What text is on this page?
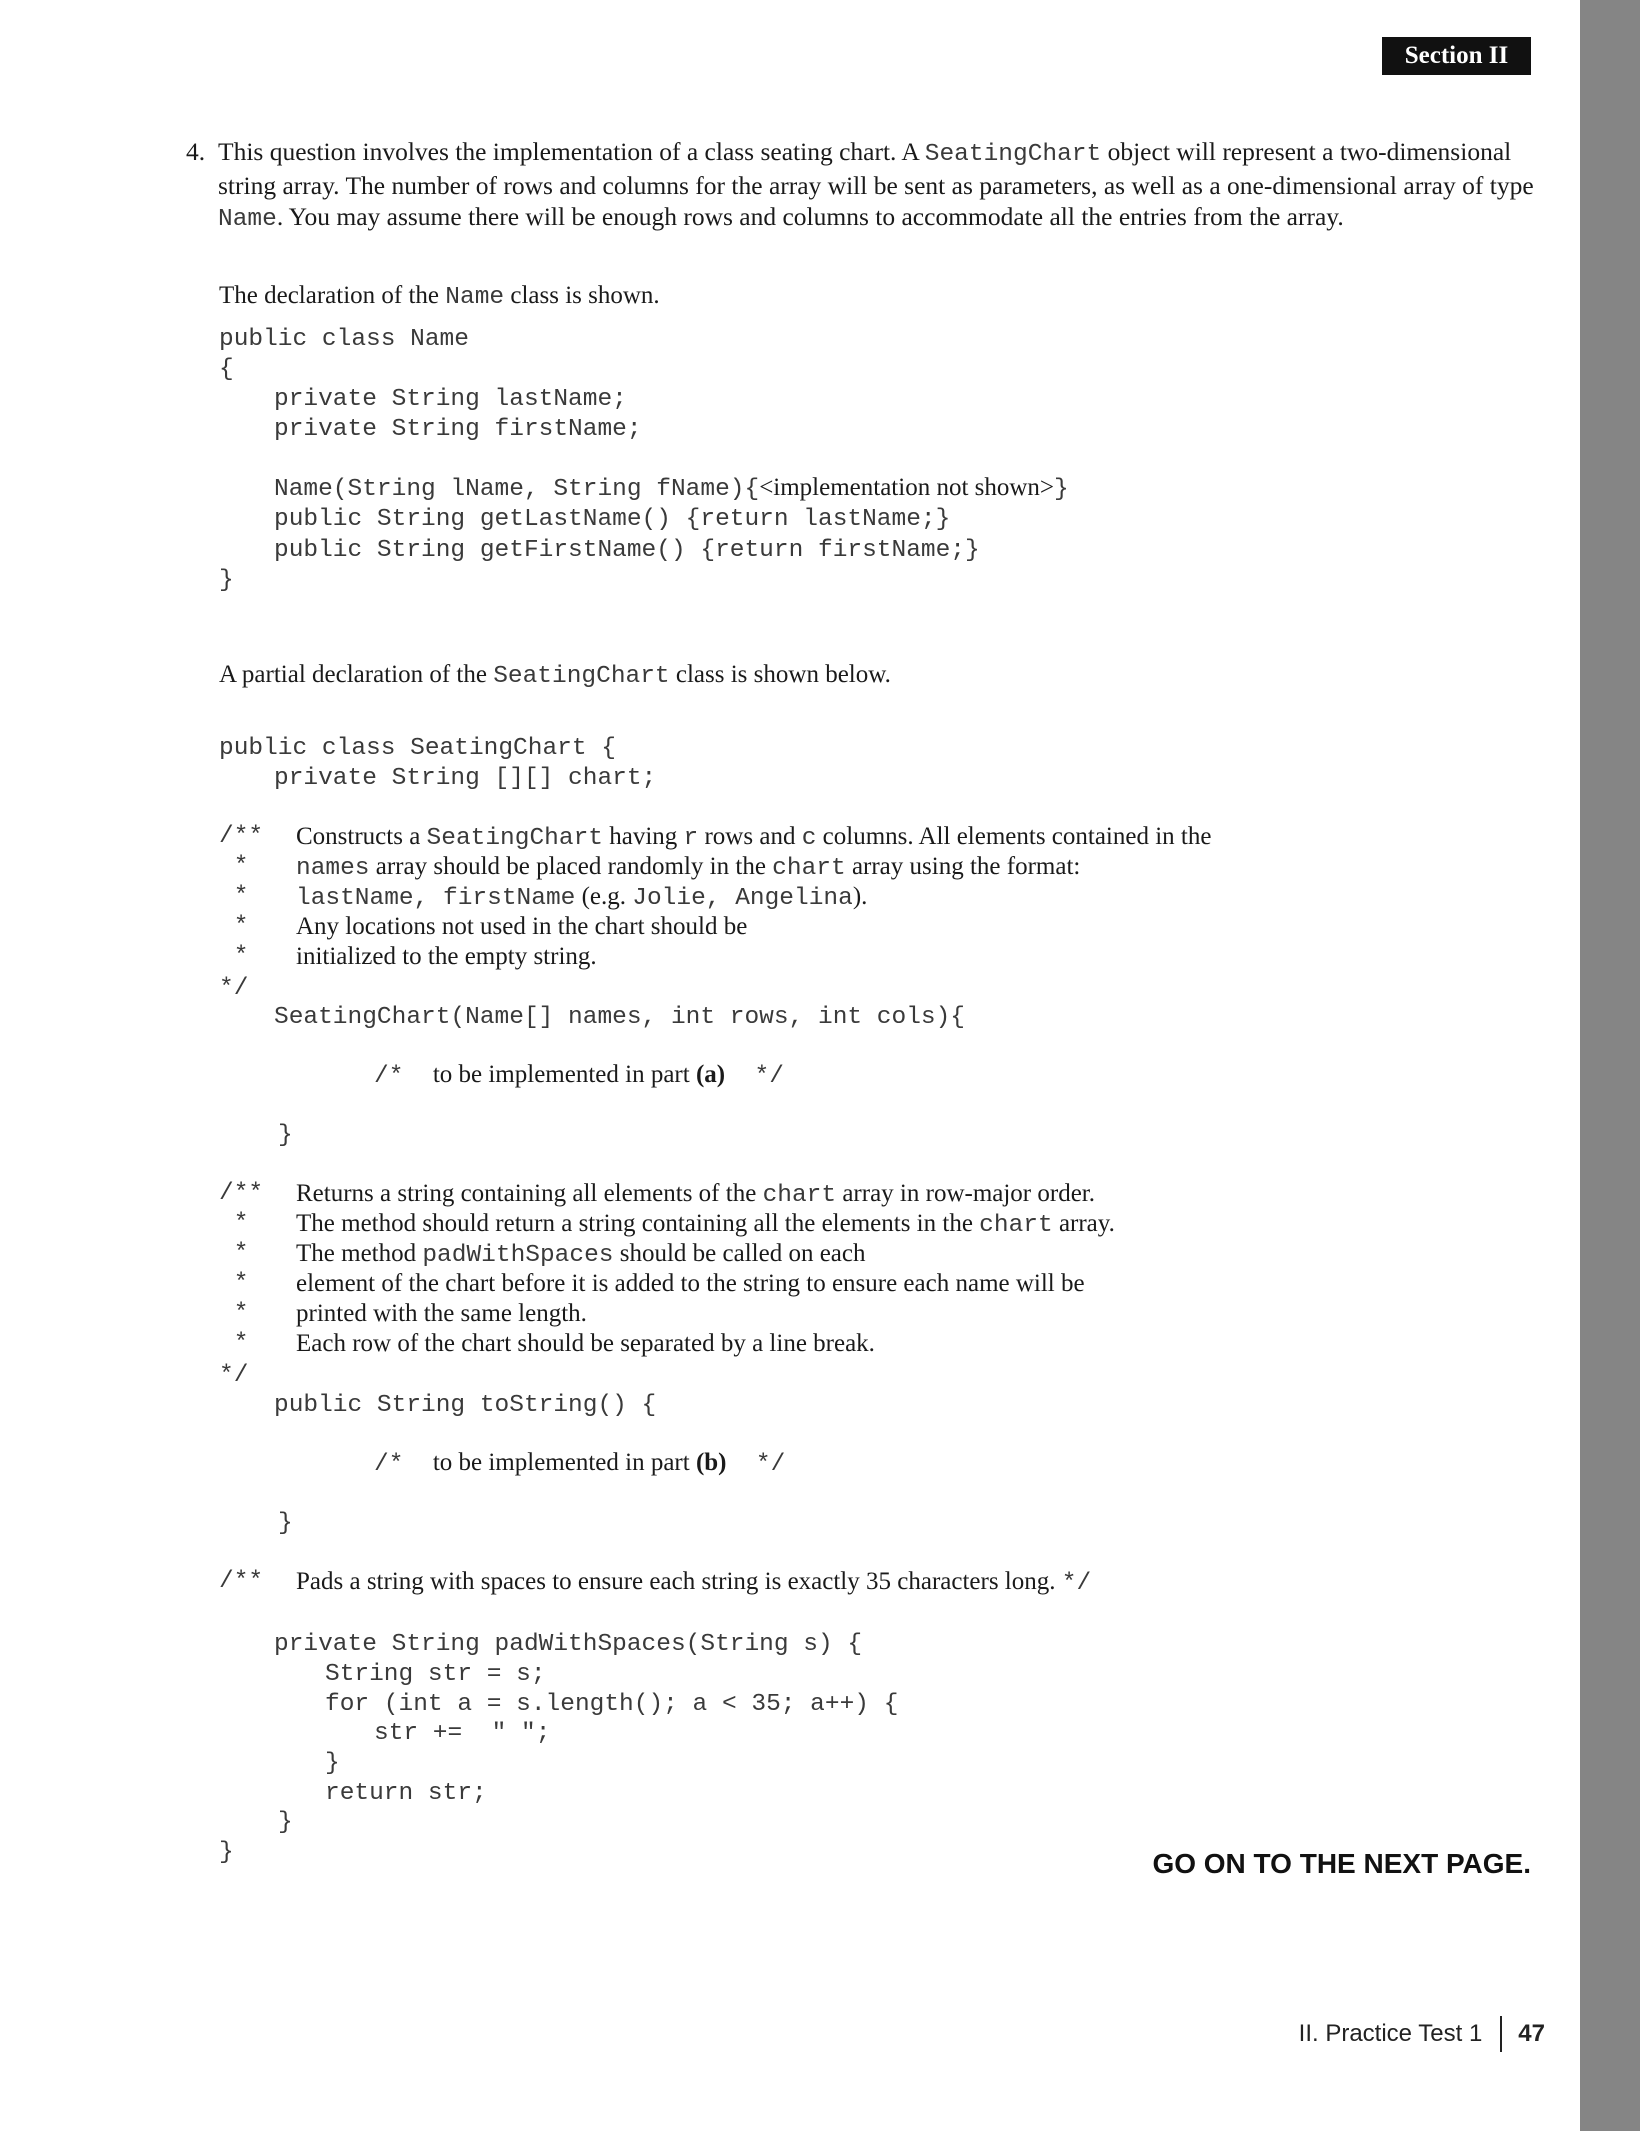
Section II
4. This question involves the implementation of a class seating chart. A SeatingChart object will represent a two-dimensional string array. The number of rows and columns for the array will be sent as parameters, as well as a one-dimensional array of type Name. You may assume there will be enough rows and columns to accommodate all the entries from the array.
The declaration of the Name class is shown.
public class Name
{
private String lastName;
private String firstName;
Name(String lName, String fName){<implementation not shown>}
public String getLastName() {return lastName;}
public String getFirstName() {return firstName;}
}
A partial declaration of the SeatingChart class is shown below.
public class SeatingChart {
private String [][] chart;
/** Constructs a SeatingChart having r rows and c columns. All elements contained in the
* names array should be placed randomly in the chart array using the format:
* lastName, firstName (e.g. Jolie, Angelina).
* Any locations not used in the chart should be
* initialized to the empty string.
*/
SeatingChart(Name[] names, int rows, int cols){
/*  to be implemented in part (a)  */
}
/** Returns a string containing all elements of the chart array in row-major order.
* The method should return a string containing all the elements in the chart array.
* The method padWithSpaces should be called on each
* element of the chart before it is added to the string to ensure each name will be
* printed with the same length.
* Each row of the chart should be separated by a line break.
*/
public String toString() {
/*  to be implemented in part (b)  */
}
/** Pads a string with spaces to ensure each string is exactly 35 characters long. */
private String padWithSpaces(String s) {
String str = s;
for (int a = s.length(); a < 35; a++) {
str +=  " ";
}
return str;
}
}	GO ON TO THE NEXT PAGE.
II. Practice Test 1 47
